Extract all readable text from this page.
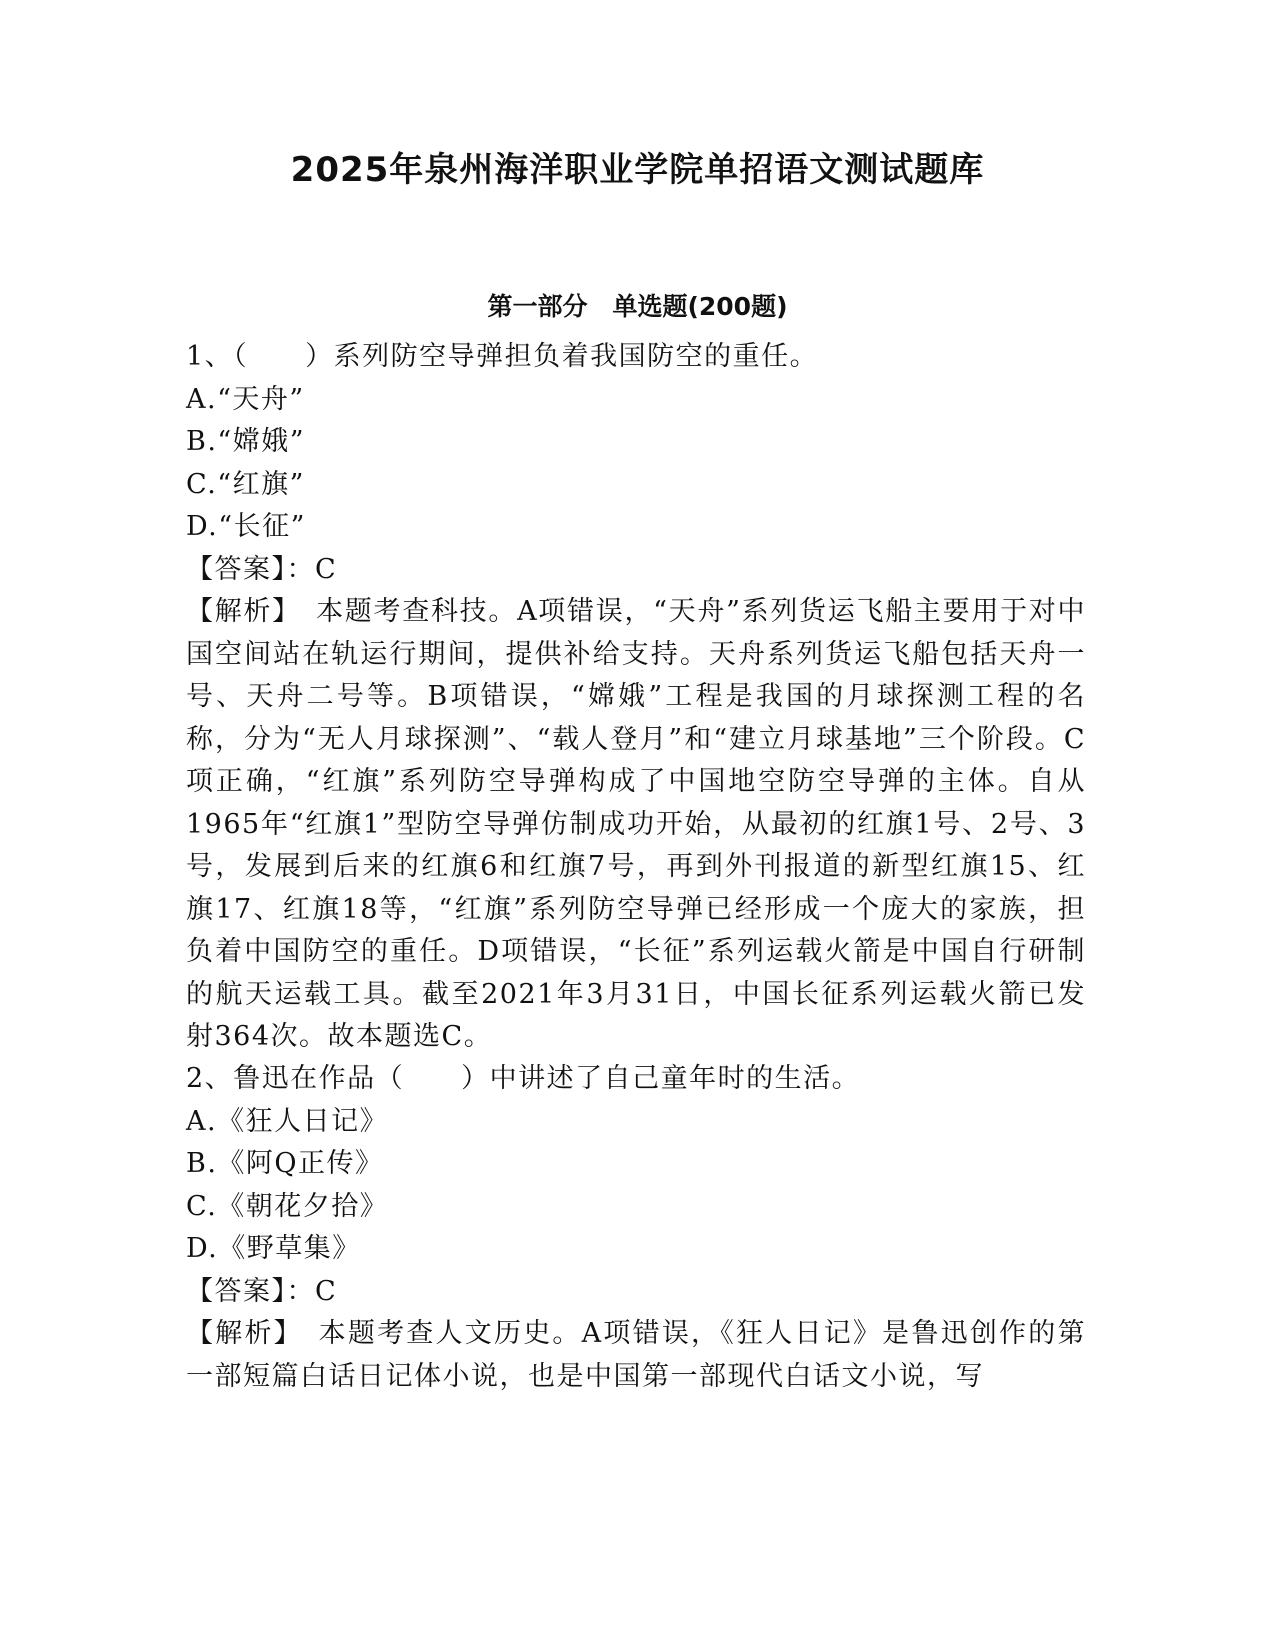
2025年泉州海洋职业学院单招语文测试题库
第一部分　单选题(200题)
1、（　　）系列防空导弹担负着我国防空的重任。
A.“天舟”
B.“嫦娥”
C.“红旗”
D.“长征”
【答案】：C
【解析】　本题考查科技。A项错误，“天舟”系列货运飞船主要用于对中国空间站在轨运行期间，提供补给支持。天舟系列货运飞船包括天舟一号、天舟二号等。B项错误，“嫦娥”工程是我国的月球探测工程的名称，分为“无人月球探测”、“载人登月”和“建立月球基地”三个阶段。C项正确，“红旗”系列防空导弹构成了中国地空防空导弹的主体。自从1965年“红旗1”型防空导弹仿制成功开始，从最初的红旗1号、2号、3号，发展到后来的红旗6和红旗7号，再到外刊报道的新型红旗15、红旗17、红旗18等，“红旗”系列防空导弹已经形成一个庞大的家族，担负着中国防空的重任。D项错误，“长征”系列运载火箭是中国自行研制的航天运载工具。截至2021年3月31日，中国长征系列运载火箭已发射364次。故本题选C。
2、鲁迅在作品（　　）中讲述了自己童年时的生活。
A.《狂人日记》
B.《阿Q正传》
C.《朝花夕拾》
D.《野草集》
【答案】：C
【解析】　本题考查人文历史。A项错误，《狂人日记》是鲁迅创作的第一部短篇白话日记体小说，也是中国第一部现代白话文小说，写
